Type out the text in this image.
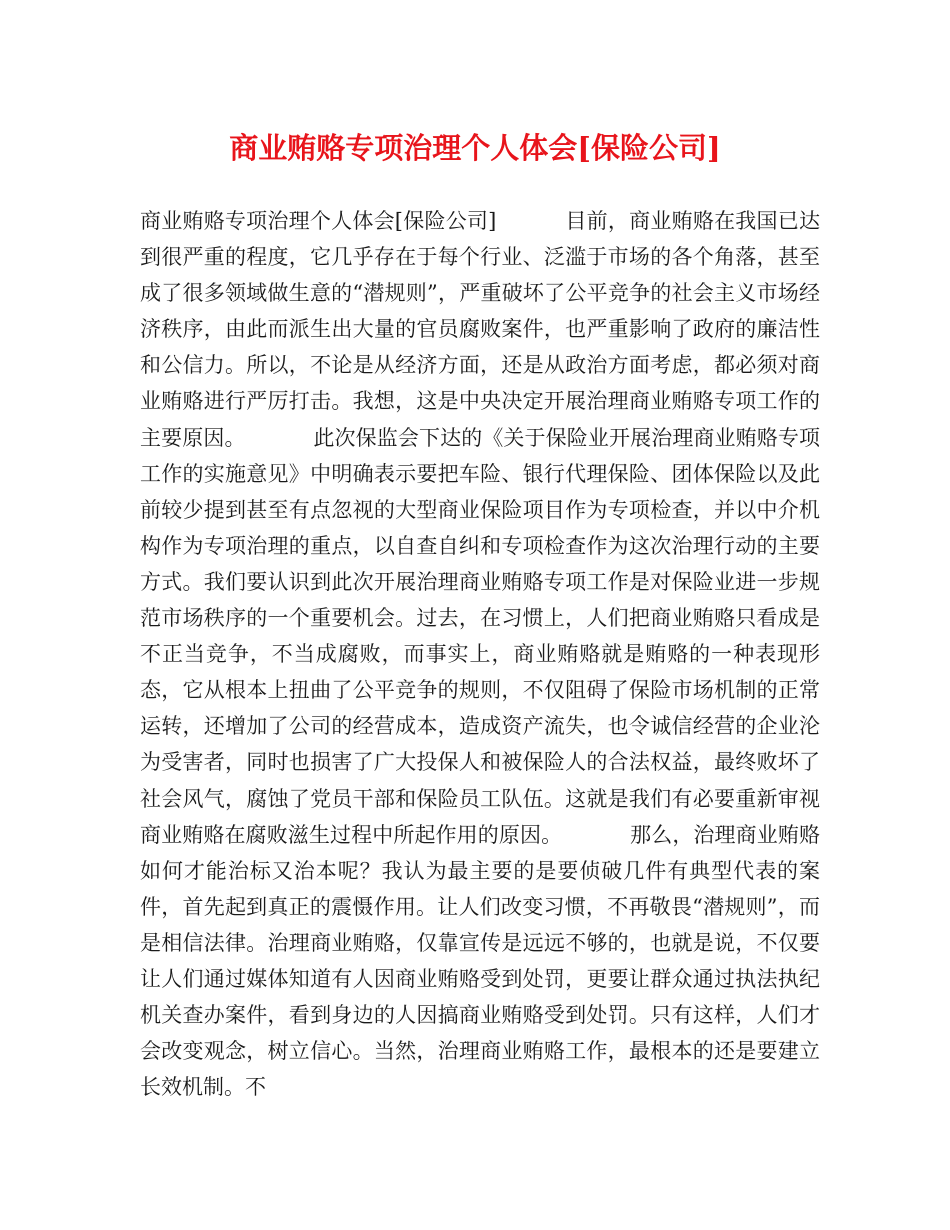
商业贿赂专项治理个人体会[保险公司]

商业贿赂专项治理个人体会[保险公司]          目前，商业贿赂在我国已达到很严重的程度，它几乎存在于每个行业、泛滥于市场的各个角落，甚至成了很多领域做生意的“潜规则”，严重破坏了公平竞争的社会主义市场经济秩序，由此而派生出大量的官员腐败案件，也严重影响了政府的廉洁性和公信力。所以，不论是从经济方面，还是从政治方面考虑，都必须对商业贿赂进行严厉打击。我想，这是中央决定开展治理商业贿赂专项工作的主要原因。          此次保监会下达的《关于保险业开展治理商业贿赂专项工作的实施意见》中明确表示要把车险、银行代理保险、团体保险以及此前较少提到甚至有点忽视的大型商业保险项目作为专项检查，并以中介机构作为专项治理的重点，以自查自纠和专项检查作为这次治理行动的主要方式。我们要认识到此次开展治理商业贿赂专项工作是对保险业进一步规范市场秩序的一个重要机会。过去，在习惯上，人们把商业贿赂只看成是不正当竞争，不当成腐败，而事实上，商业贿赂就是贿赂的一种表现形态，它从根本上扭曲了公平竞争的规则，不仅阻碍了保险市场机制的正常运转，还增加了公司的经营成本，造成资产流失，也令诚信经营的企业沦为受害者，同时也损害了广大投保人和被保险人的合法权益，最终败坏了社会风气，腐蚀了党员干部和保险员工队伍。这就是我们有必要重新审视商业贿赂在腐败滋生过程中所起作用的原因。          那么，治理商业贿赂如何才能治标又治本呢？我认为最主要的是要侦破几件有典型代表的案件，首先起到真正的震慑作用。让人们改变习惯，不再敬畏“潜规则”，而是相信法律。治理商业贿赂，仅靠宣传是远远不够的，也就是说，不仅要让人们通过媒体知道有人因商业贿赂受到处罚，更要让群众通过执法执纪机关查办案件，看到身边的人因搞商业贿赂受到处罚。只有这样，人们才会改变观念，树立信心。当然，治理商业贿赂工作，最根本的还是要建立长效机制。不
